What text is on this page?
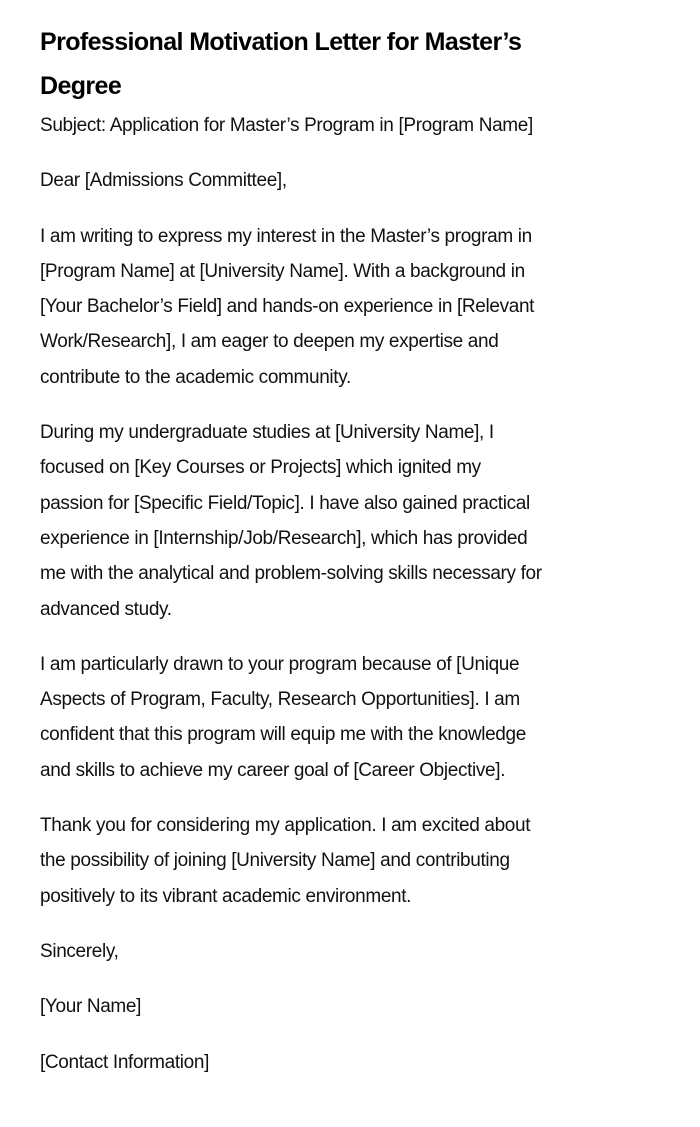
Professional Motivation Letter for Master’s
Degree

Subject: Application for Master’s Program in [Program Name]

Dear [Admissions Committee],

I am writing to express my interest in the Master’s program in
[Program Name] at [University Name]. With a background in
[Your Bachelor’s Field] and hands-on experience in [Relevant
Work/Research], I am eager to deepen my expertise and
contribute to the academic community.

During my undergraduate studies at [University Name], I
focused on [Key Courses or Projects] which ignited my
passion for [Specific Field/Topic]. I have also gained practical
experience in [Internship/Job/Research], which has provided
me with the analytical and problem-solving skills necessary for
advanced study.

I am particularly drawn to your program because of [Unique
Aspects of Program, Faculty, Research Opportunities]. I am
confident that this program will equip me with the knowledge
and skills to achieve my career goal of [Career Objective].

Thank you for considering my application. I am excited about
the possibility of joining [University Name] and contributing
positively to its vibrant academic environment.

Sincerely,

[Your Name]

[Contact Information]
